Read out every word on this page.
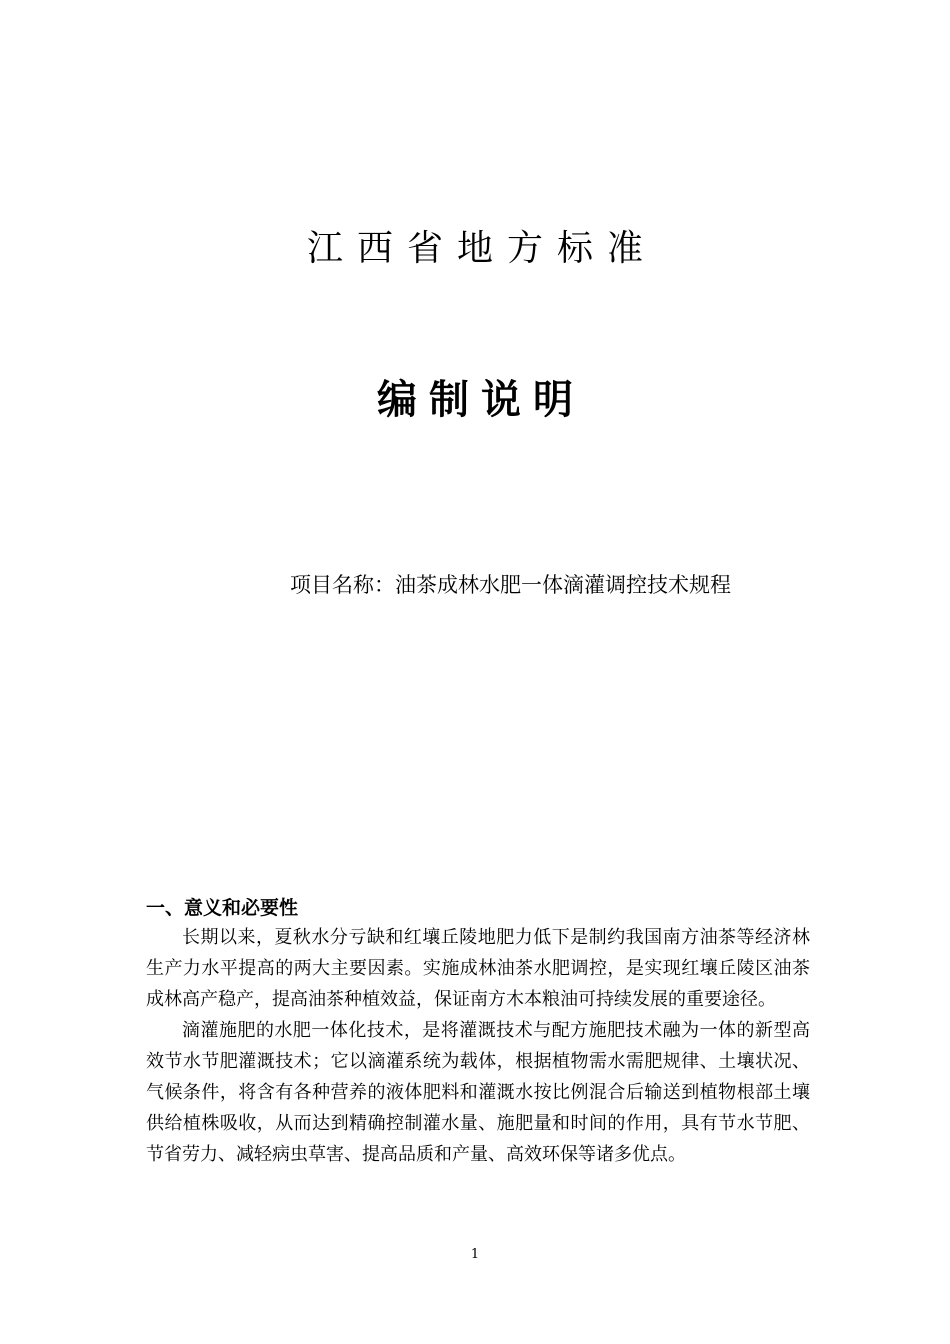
江西省地方标准
编制说明
项目名称：油茶成林水肥一体滴灌调控技术规程

一、意义和必要性

长期以来，夏秋水分亏缺和红壤丘陵地肥力低下是制约我国南方油茶等经济林生产力水平提高的两大主要因素。实施成林油茶水肥调控，是实现红壤丘陵区油茶成林高产稳产，提高油茶种植效益，保证南方木本粮油可持续发展的重要途径。

滴灌施肥的水肥一体化技术，是将灌溉技术与配方施肥技术融为一体的新型高效节水节肥灌溉技术；它以滴灌系统为载体，根据植物需水需肥规律、土壤状况、气候条件，将含有各种营养的液体肥料和灌溉水按比例混合后输送到植物根部土壤供给植株吸收，从而达到精确控制灌水量、施肥量和时间的作用，具有节水节肥、节省劳力、减轻病虫草害、提高品质和产量、高效环保等诸多优点。

1
